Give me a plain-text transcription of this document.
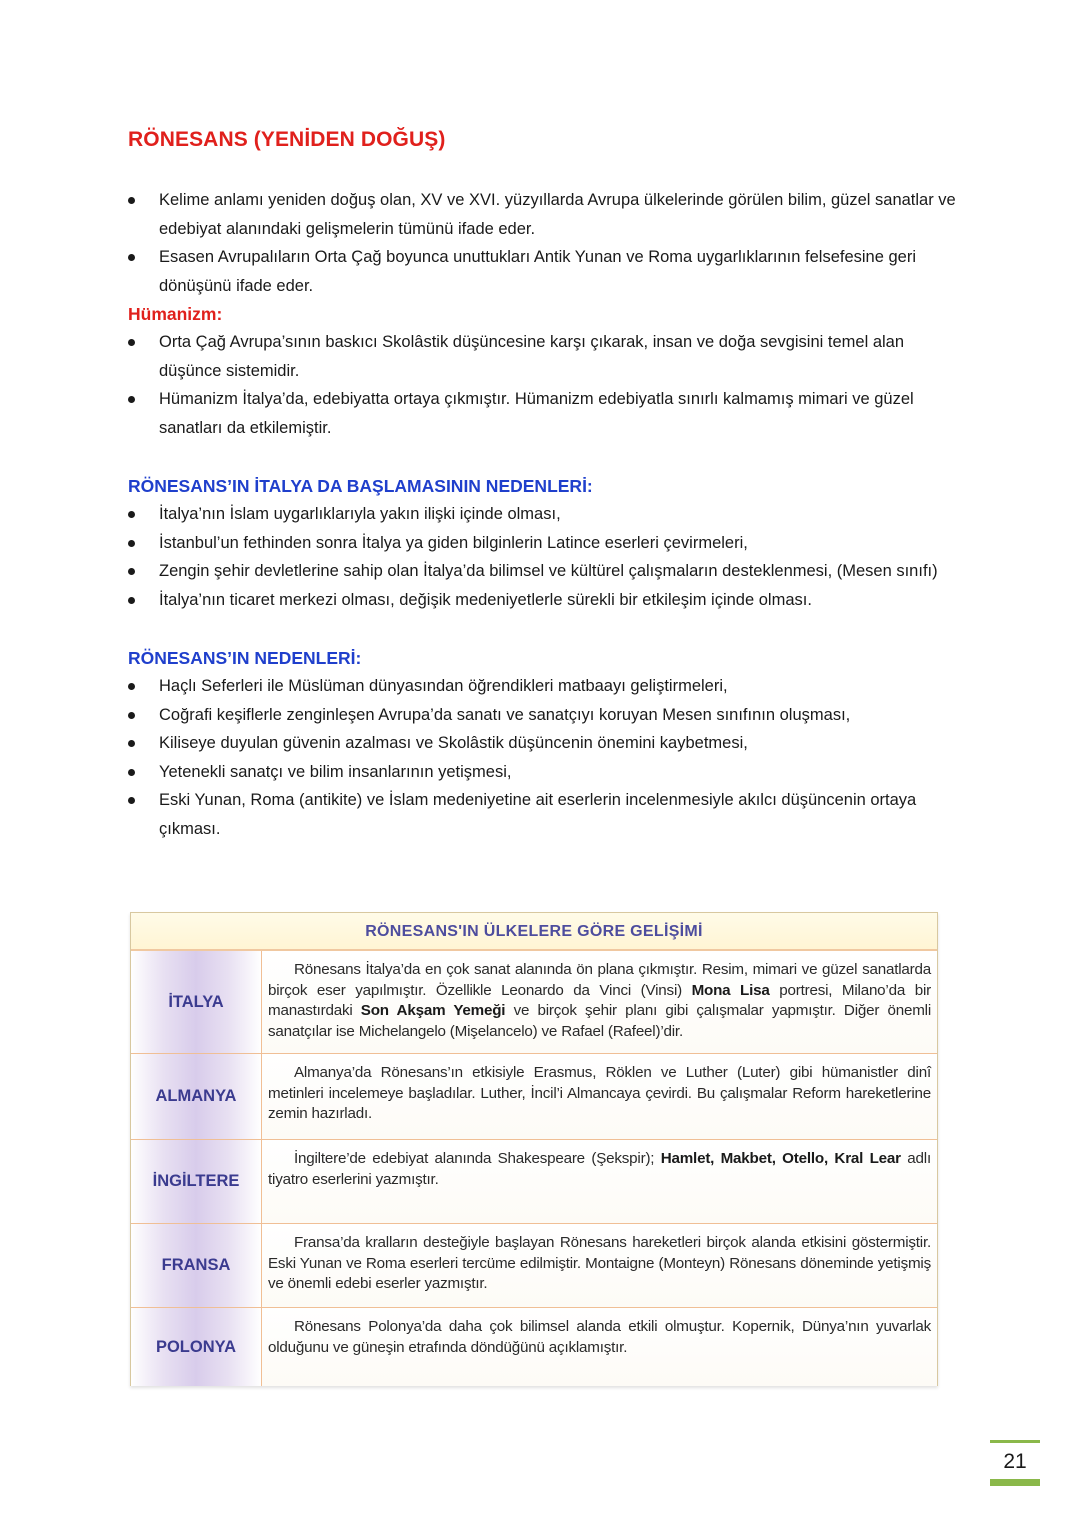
RÖNESANS (YENİDEN DOĞUŞ)
Kelime anlamı yeniden doğuş olan, XV ve XVI. yüzyıllarda Avrupa ülkelerinde görülen bilim, güzel sanatlar ve edebiyat alanındaki gelişmelerin tümünü ifade eder.
Esasen Avrupalıların Orta Çağ boyunca unuttukları Antik Yunan ve Roma uygarlıklarının felsefesine geri dönüşünü ifade eder.
Hümanizm:
Orta Çağ Avrupa’sının baskıcı Skolâstik düşüncesine karşı çıkarak, insan ve doğa sevgisini temel alan düşünce sistemidir.
Hümanizm İtalya’da, edebiyatta ortaya çıkmıştır. Hümanizm edebiyatla sınırlı kalmamış mimari ve güzel sanatları da etkilemiştir.
RÖNESANS’IN İTALYA DA BAŞLAMASININ NEDENLERİ:
İtalya’nın İslam uygarlıklarıyla yakın ilişki içinde olması,
İstanbul’un fethinden sonra İtalya ya giden bilginlerin Latince eserleri çevirmeleri,
Zengin şehir devletlerine sahip olan İtalya’da bilimsel ve kültürel çalışmaların desteklenmesi, (Mesen sınıfı)
İtalya’nın ticaret merkezi olması, değişik medeniyetlerle sürekli bir etkileşim içinde olması.
RÖNESANS’IN NEDENLERİ:
Haçlı Seferleri ile Müslüman dünyasından öğrendikleri matbaayı geliştirmeleri,
Coğrafi keşiflerle zenginleşen Avrupa’da sanatı ve sanatçıyı koruyan Mesen sınıfının oluşması,
Kiliseye duyulan güvenin azalması ve Skolâstik düşüncenin önemini kaybetmesi,
Yetenekli sanatçı ve bilim insanlarının yetişmesi,
Eski Yunan, Roma (antikite) ve İslam medeniyetine ait eserlerin incelenmesiyle akılcı düşüncenin ortaya çıkması.
RÖNESANS'IN ÜLKELERE GÖRE GELİŞİMİ
İTALYA
Rönesans İtalya’da en çok sanat alanında ön plana çıkmıştır. Resim, mimari ve güzel sanatlarda birçok eser yapılmıştır. Özellikle Leonardo da Vinci (Vinsi) Mona Lisa portresi, Milano’da bir manastırdaki Son Akşam Yemeği ve birçok şehir planı gibi çalışmalar yapmıştır. Diğer önemli sanatçılar ise Michelangelo (Mişelancelo) ve Rafael (Rafeel)’dir.
ALMANYA
Almanya’da Rönesans’ın etkisiyle Erasmus, Röklen ve Luther (Luter) gibi hümanistler dinî metinleri incelemeye başladılar. Luther, İncil’i Almancaya çevirdi. Bu çalışmalar Reform hareketlerine zemin hazırladı.
İNGİLTERE
İngiltere’de edebiyat alanında Shakespeare (Şekspir); Hamlet, Makbet, Otello, Kral Lear adlı tiyatro eserlerini yazmıştır.
FRANSA
Fransa’da kralların desteğiyle başlayan Rönesans hareketleri birçok alanda etkisini göstermiştir. Eski Yunan ve Roma eserleri tercüme edilmiştir. Montaigne (Monteyn) Rönesans döneminde yetişmiş ve önemli edebi eserler yazmıştır.
POLONYA
Rönesans Polonya’da daha çok bilimsel alanda etkili olmuştur. Kopernik, Dünya’nın yuvarlak olduğunu ve güneşin etrafında döndüğünü açıklamıştır.
21
